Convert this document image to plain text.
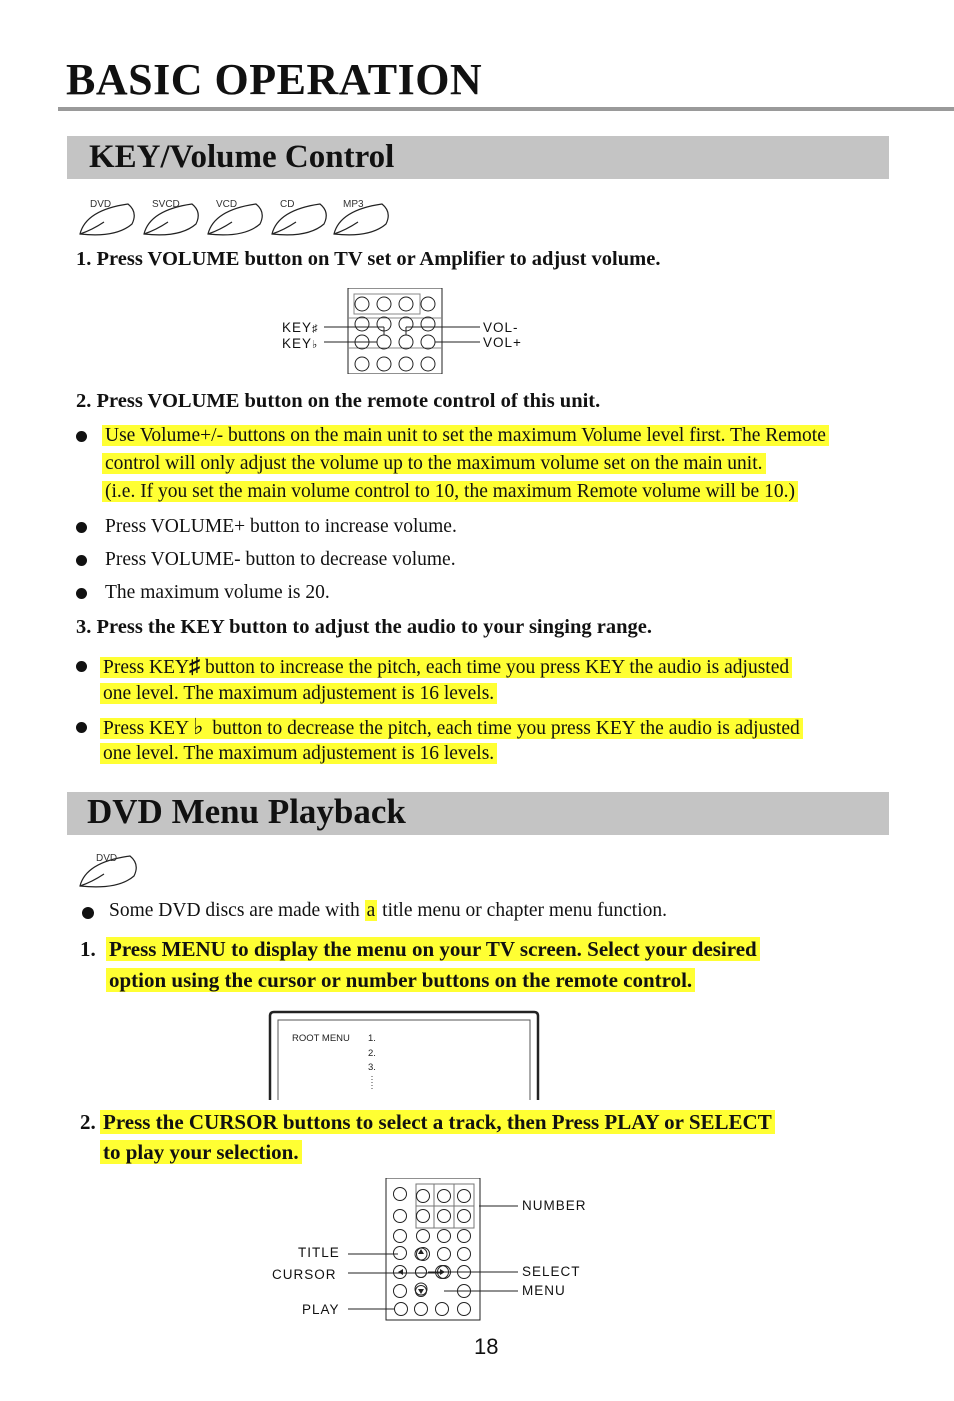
BASIC OPERATION
KEY/Volume Control
DVD	SVCD	VCD	CD	MP3
1. Press VOLUME button on TV set or Amplifier to adjust volume.
KEY♯
KEY♭
VOL-
VOL+
2. Press VOLUME button on the remote control of this unit.
Use Volume+/- buttons on the main unit to set the maximum Volume level first. The Remote
control will only adjust the volume up to the maximum volume set on the main unit.
(i.e. If you set the main volume control to 10, the maximum Remote volume will be 10.)
Press VOLUME+ button to increase volume.
Press VOLUME- button to decrease volume.
The maximum volume is 20.
3. Press the KEY button to adjust the audio to your singing range.
Press KEY♯ button to increase the pitch, each time you press KEY the audio is adjusted
one level. The maximum adjustement is 16 levels.
Press KEY ♭ button to decrease the pitch, each time you press KEY the audio is adjusted
one level. The maximum adjustement is 16 levels.
DVD Menu Playback
DVD
Some DVD discs are made with a title menu or chapter menu function.
1. Press MENU to display the menu on your TV screen. Select your desired
option using the cursor or number buttons on the remote control.
ROOT MENU 1.
2.
3.
2. Press the CURSOR buttons to select a track, then Press PLAY or SELECT
to play your selection.
TITLE
CURSOR
PLAY
NUMBER
SELECT
MENU
18
